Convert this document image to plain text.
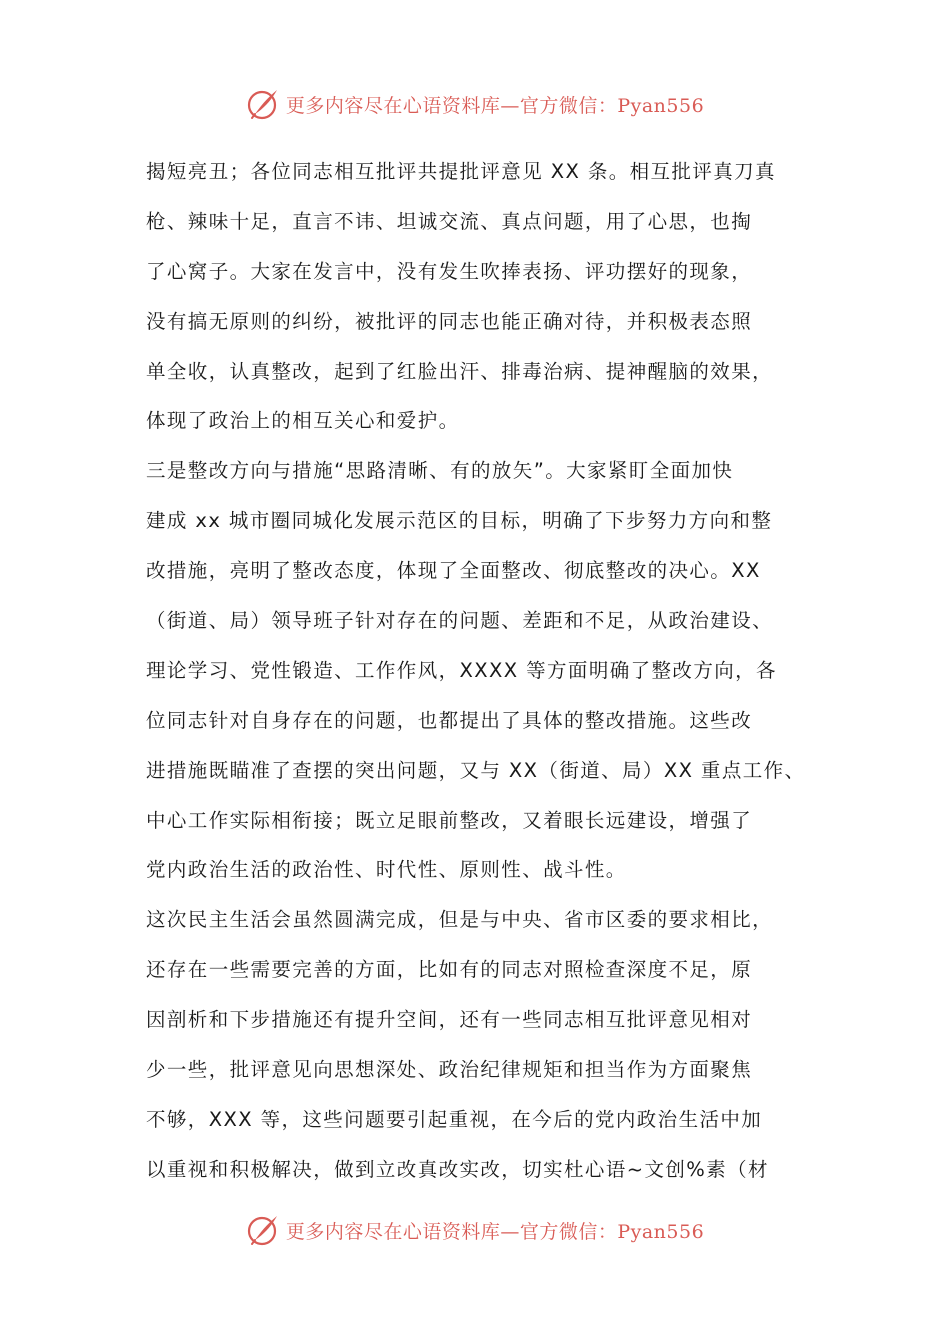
更多内容尽在心语资料库—官方微信：Pyan556
揭短亮丑；各位同志相互批评共提批评意见 XX 条。相互批评真刀真
枪、辣味十足，直言不讳、坦诚交流、真点问题，用了心思，也掏
了心窝子。大家在发言中，没有发生吹捧表扬、评功摆好的现象，
没有搞无原则的纠纷，被批评的同志也能正确对待，并积极表态照
单全收，认真整改，起到了红脸出汗、排毒治病、提神醒脑的效果，
体现了政治上的相互关心和爱护。
三是整改方向与措施“思路清晰、有的放矢”。大家紧盯全面加快
建成 xx 城市圈同城化发展示范区的目标，明确了下步努力方向和整
改措施，亮明了整改态度，体现了全面整改、彻底整改的决心。XX
（街道、局）领导班子针对存在的问题、差距和不足，从政治建设、
理论学习、党性锻造、工作作风，XXXX 等方面明确了整改方向，各
位同志针对自身存在的问题，也都提出了具体的整改措施。这些改
进措施既瞄准了查摆的突出问题，又与 XX（街道、局）XX 重点工作、
中心工作实际相衔接；既立足眼前整改，又着眼长远建设，增强了
党内政治生活的政治性、时代性、原则性、战斗性。
这次民主生活会虽然圆满完成，但是与中央、省市区委的要求相比，
还存在一些需要完善的方面，比如有的同志对照检查深度不足，原
因剖析和下步措施还有提升空间，还有一些同志相互批评意见相对
少一些，批评意见向思想深处、政治纪律规矩和担当作为方面聚焦
不够，XXX 等，这些问题要引起重视，在今后的党内政治生活中加
以重视和积极解决，做到立改真改实改，切实杜心语~文创%素（材
更多内容尽在心语资料库—官方微信：Pyan556
